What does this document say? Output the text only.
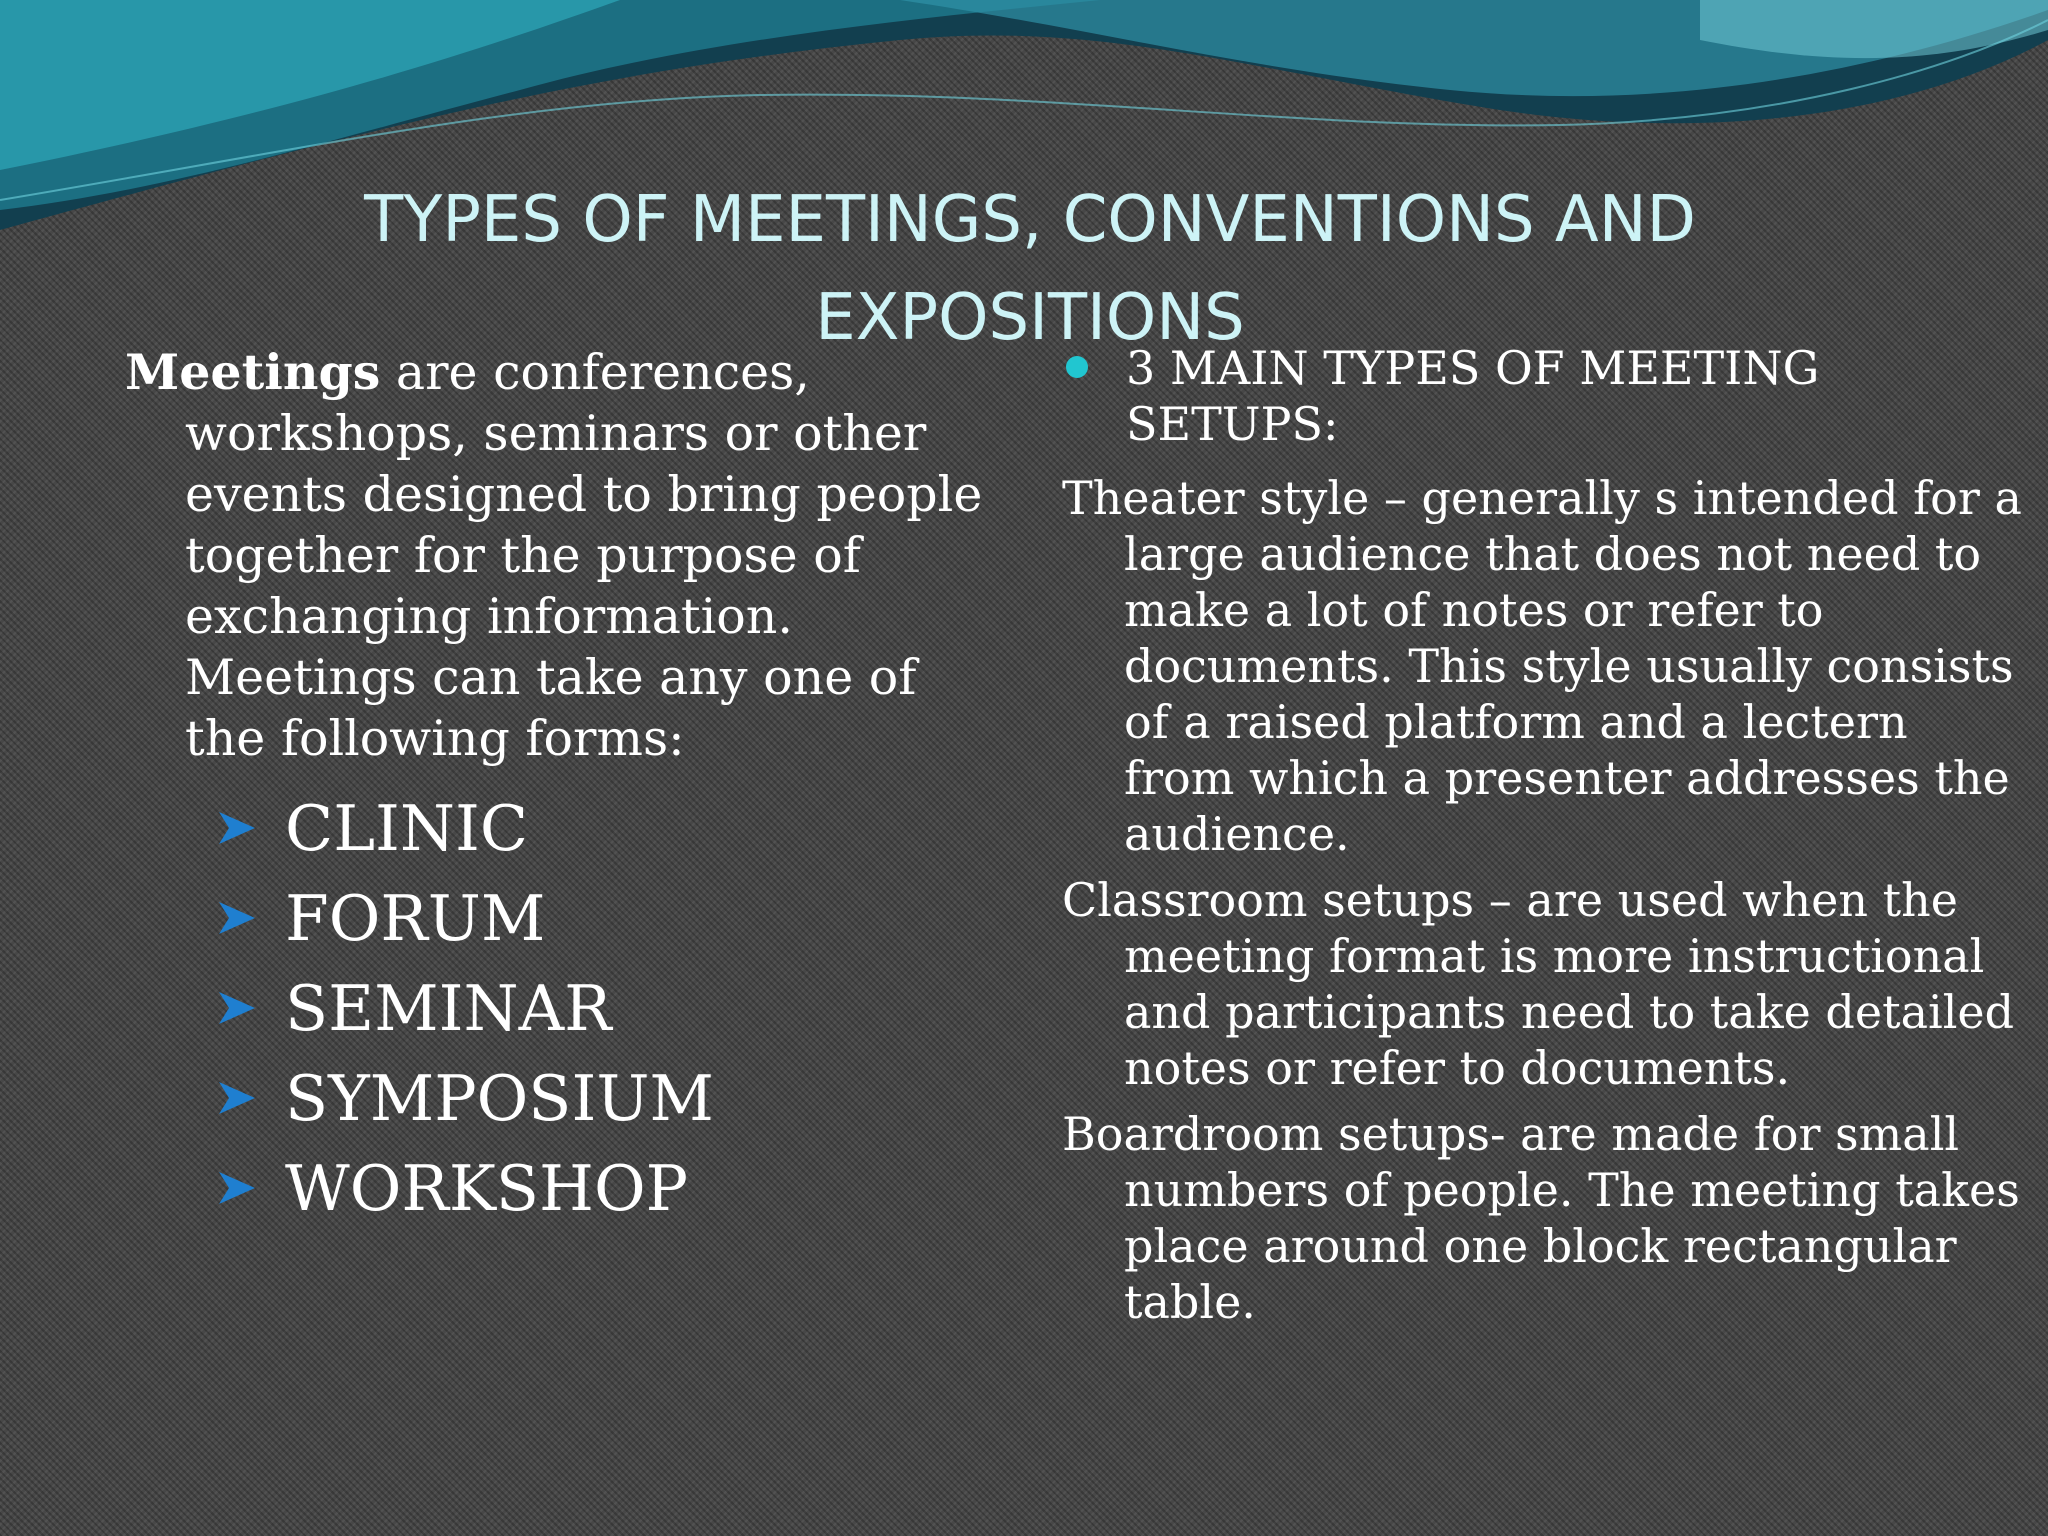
TYPES OF MEETINGS, CONVENTIONS AND EXPOSITIONS

Meetings are conferences, workshops, seminars or other events designed to bring people together for the purpose of exchanging information. Meetings can take any one of the following forms:

CLINIC
FORUM
SEMINAR
SYMPOSIUM
WORKSHOP
3 MAIN TYPES OF MEETING SETUPS:

Theater style – generally s intended for a large audience that does not need to make a lot of notes or refer to documents. This style usually consists of a raised platform and a lectern from which a presenter addresses the audience.

Classroom setups – are used when the meeting format is more instructional and participants need to take detailed notes or refer to documents.

Boardroom setups- are made for small numbers of people. The meeting takes place around one block rectangular table.
